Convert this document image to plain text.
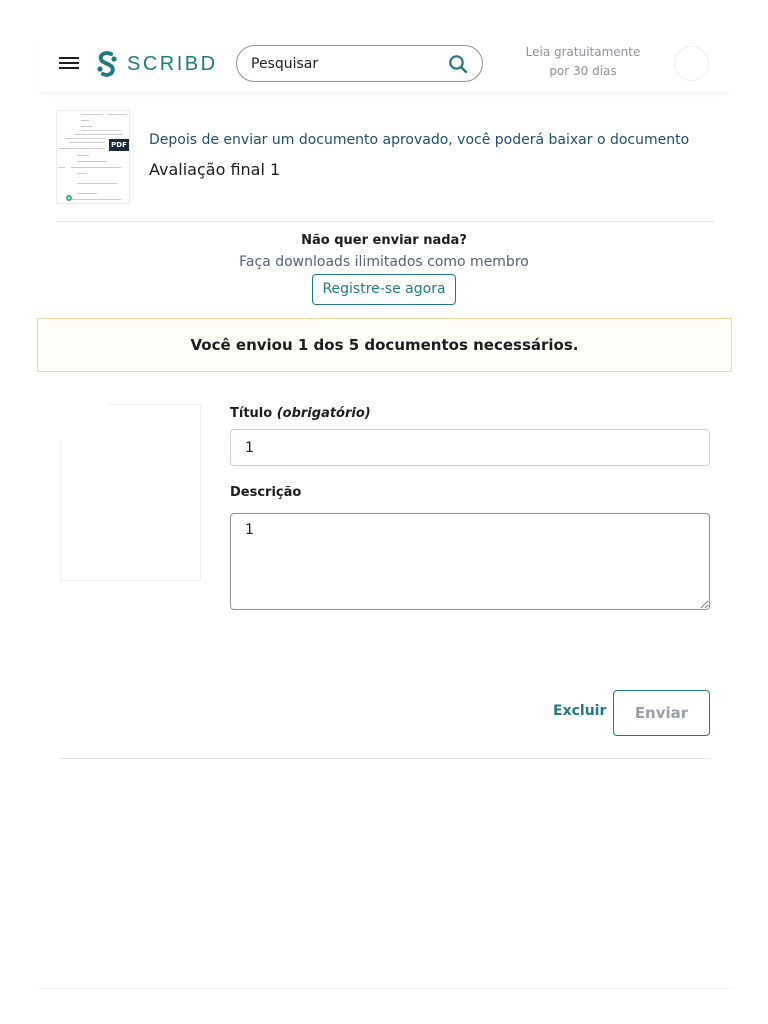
SCRIBD
Pesquisar
Leia gratuitamente
por 30 dias
PDF Depois de enviar um documento aprovado, você poderá baixar o documento
Avaliação final 1
Não quer enviar nada?
Faça downloads ilimitados como membro
Registre-se agora
Você enviou 1 dos 5 documentos necessários.
Título (obrigatório)
1
Descrição
1
Excluir	Enviar
